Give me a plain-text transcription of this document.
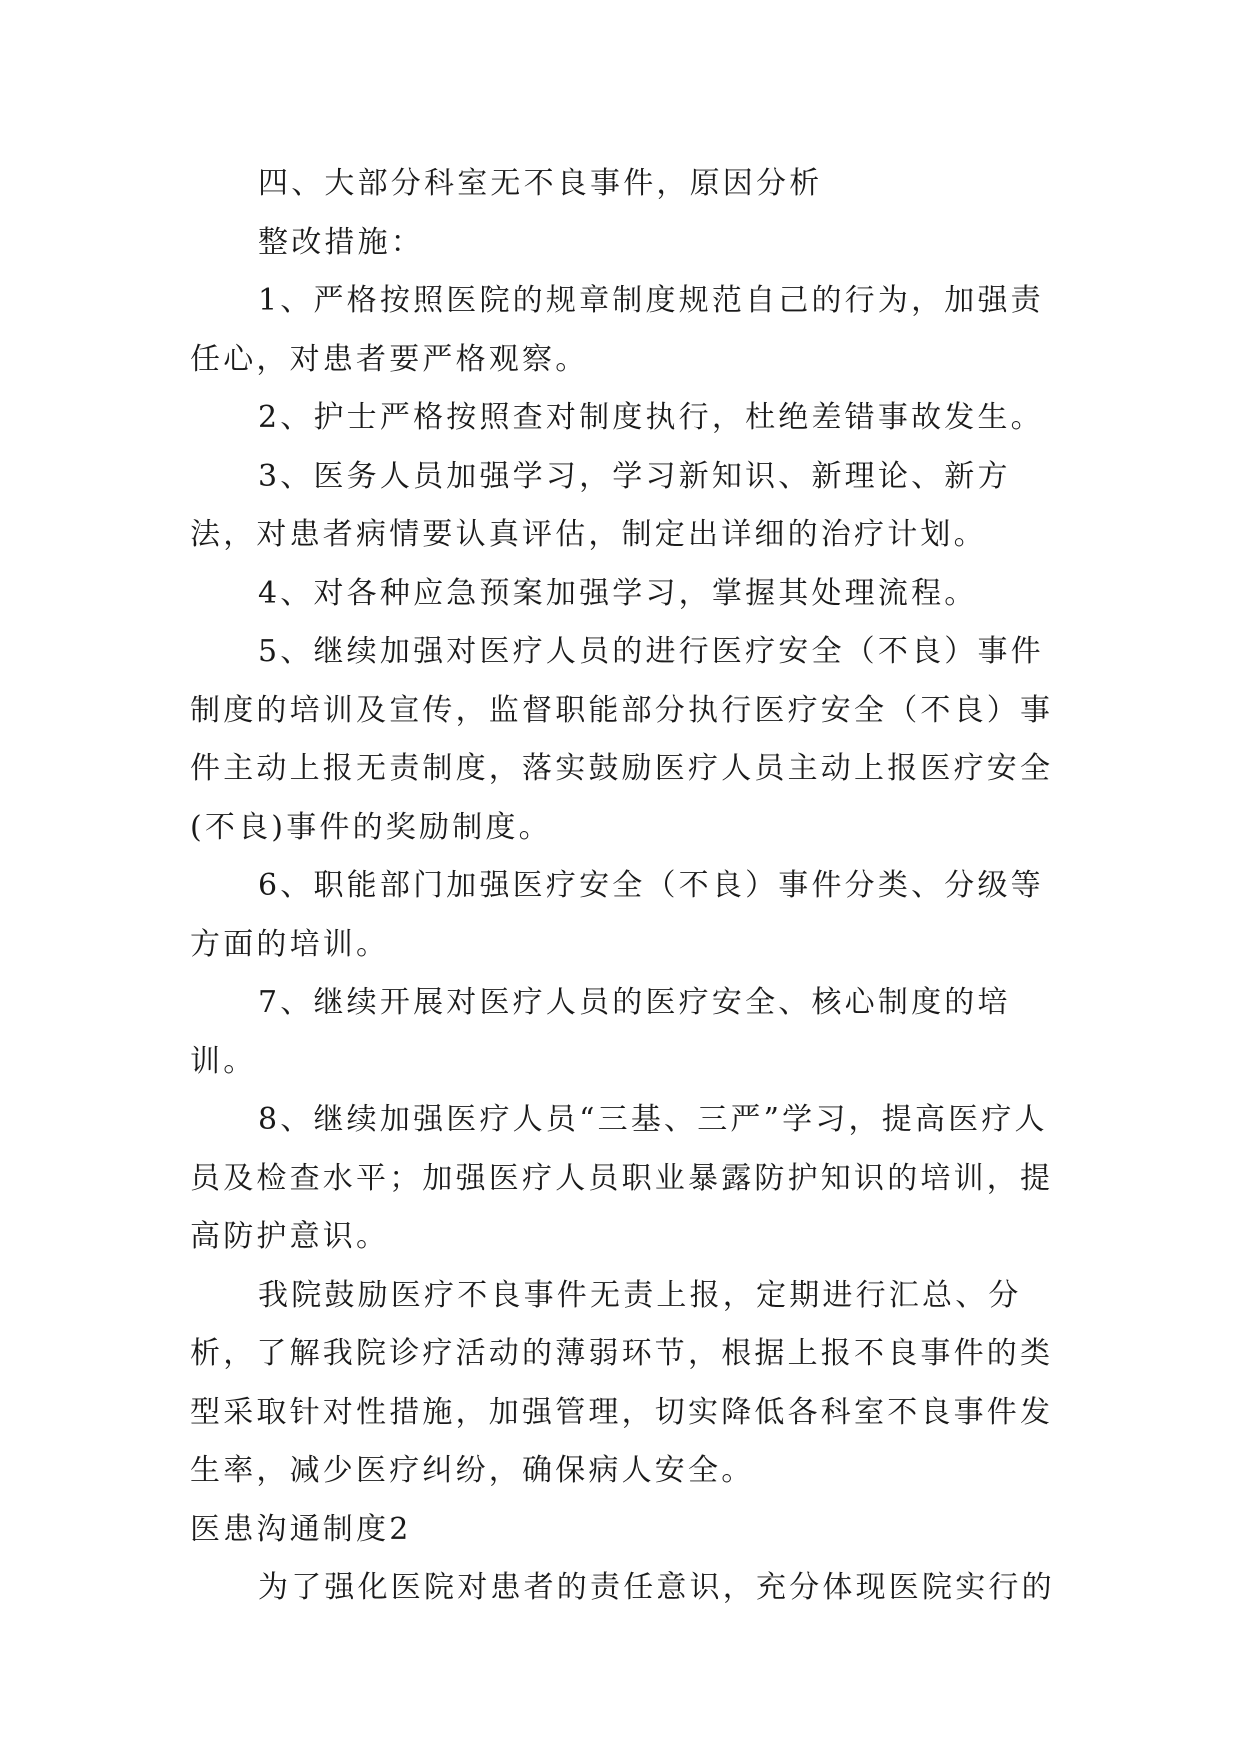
四、大部分科室无不良事件，原因分析

整改措施：

1、严格按照医院的规章制度规范自己的行为，加强责任心，对患者要严格观察。

2、护士严格按照查对制度执行，杜绝差错事故发生。

3、医务人员加强学习，学习新知识、新理论、新方法，对患者病情要认真评估，制定出详细的治疗计划。

4、对各种应急预案加强学习，掌握其处理流程。

5、继续加强对医疗人员的进行医疗安全（不良）事件制度的培训及宣传，监督职能部分执行医疗安全（不良）事件主动上报无责制度，落实鼓励医疗人员主动上报医疗安全(不良)事件的奖励制度。

6、职能部门加强医疗安全（不良）事件分类、分级等方面的培训。

7、继续开展对医疗人员的医疗安全、核心制度的培训。

8、继续加强医疗人员“三基、三严”学习，提高医疗人员及检查水平；加强医疗人员职业暴露防护知识的培训，提高防护意识。

我院鼓励医疗不良事件无责上报，定期进行汇总、分析，了解我院诊疗活动的薄弱环节，根据上报不良事件的类型采取针对性措施，加强管理，切实降低各科室不良事件发生率，减少医疗纠纷，确保病人安全。

医患沟通制度2

为了强化医院对患者的责任意识，充分体现医院实行的
